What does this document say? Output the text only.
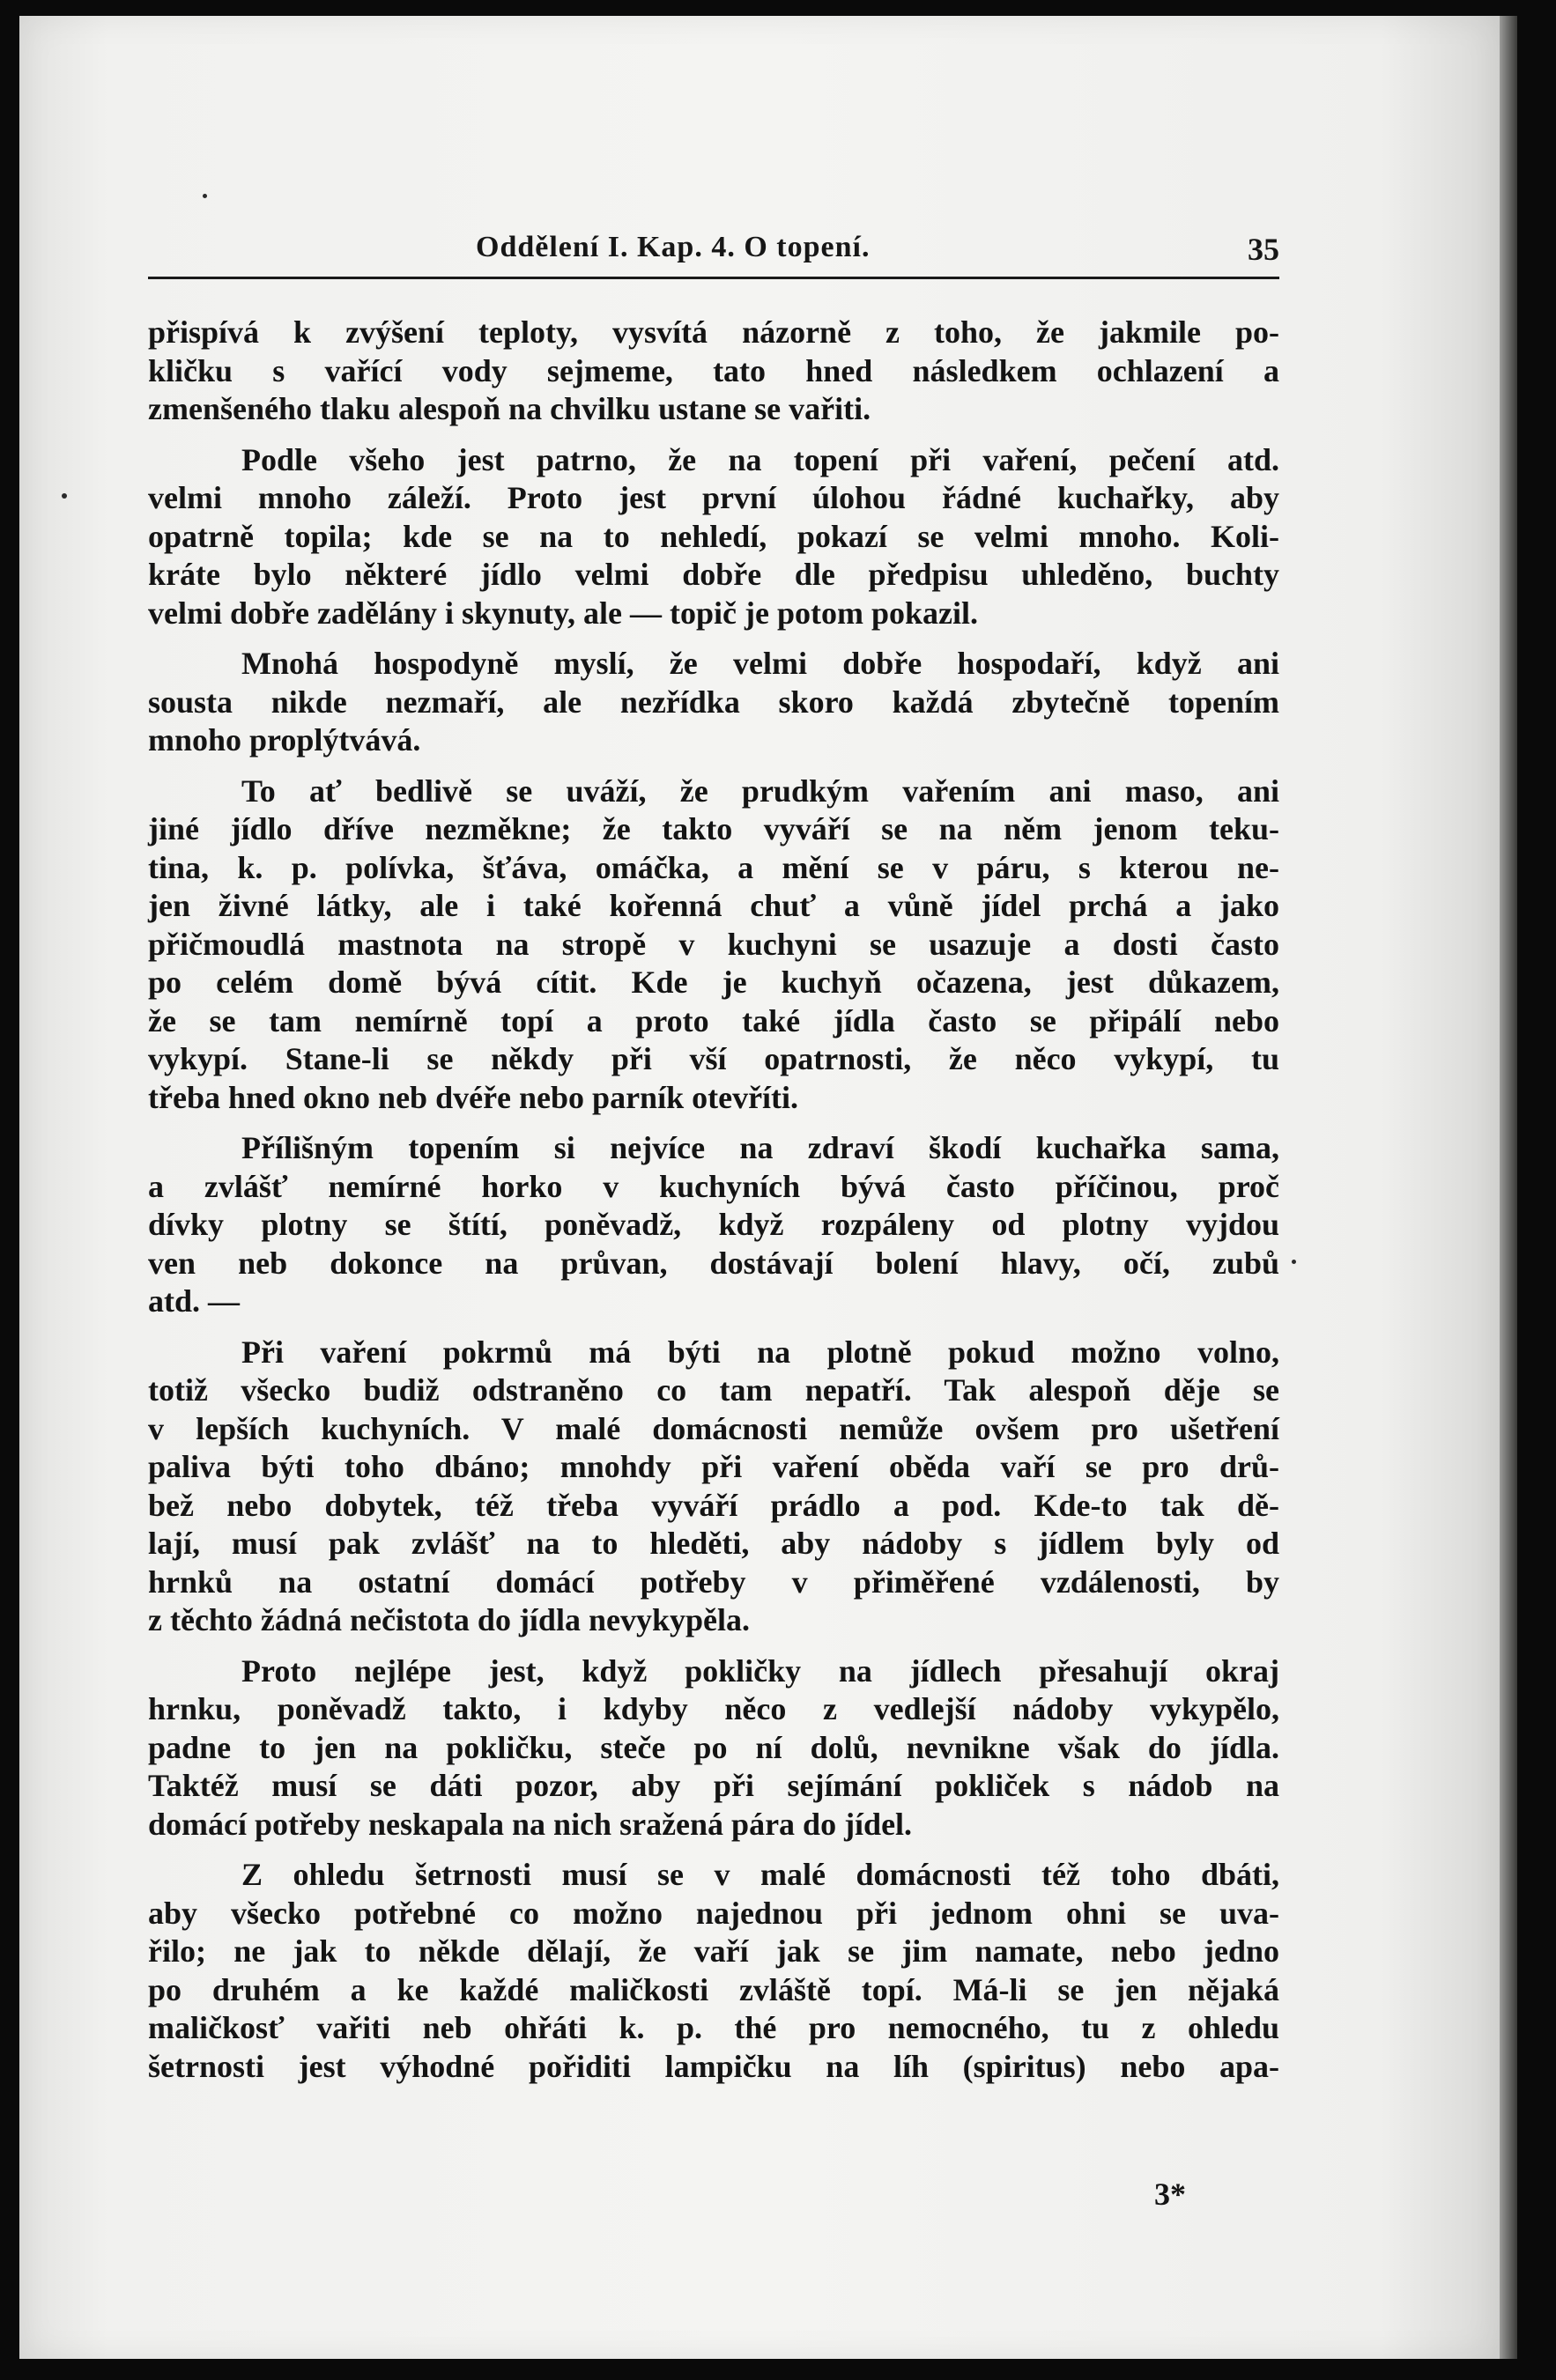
Oddělení I. Kap. 4. O topení.	35
přispívá k zvýšení teploty, vysvítá názorně z toho, že jakmile po-
kličku s vařící vody sejmeme, tato hned následkem ochlazení a
zmenšeného tlaku alespoň na chvilku ustane se vařiti.
Podle všeho jest patrno, že na topení při vaření, pečení atd.
velmi mnoho záleží. Proto jest první úlohou řádné kuchařky, aby
opatrně topila; kde se na to nehledí, pokazí se velmi mnoho. Koli-
kráte bylo některé jídlo velmi dobře dle předpisu uhleděno, buchty
velmi dobře zadělány i skynuty, ale — topič je potom pokazil.
Mnohá hospodyně myslí, že velmi dobře hospodaří, když ani
sousta nikde nezmaří, ale nezřídka skoro každá zbytečně topením
mnoho proplýtvává.
To ať bedlivě se uváží, že prudkým vařením ani maso, ani
jiné jídlo dříve nezměkne; že takto vyváří se na něm jenom teku-
tina, k. p. polívka, šťáva, omáčka, a mění se v páru, s kterou ne-
jen živné látky, ale i také kořenná chuť a vůně jídel prchá a jako
přičmoudlá mastnota na stropě v kuchyni se usazuje a dosti často
po celém domě bývá cítit. Kde je kuchyň očazena, jest důkazem,
že se tam nemírně topí a proto také jídla často se připálí nebo
vykypí. Stane-li se někdy při vší opatrnosti, že něco vykypí, tu
třeba hned okno neb dvéře nebo parník otevříti.
Přílišným topením si nejvíce na zdraví škodí kuchařka sama,
a zvlášť nemírné horko v kuchyních bývá často příčinou, proč
dívky plotny se štítí, poněvadž, když rozpáleny od plotny vyjdou
ven neb dokonce na průvan, dostávají bolení hlavy, očí, zubů
atd. —
Při vaření pokrmů má býti na plotně pokud možno volno,
totiž všecko budiž odstraněno co tam nepatří. Tak alespoň děje se
v lepších kuchyních. V malé domácnosti nemůže ovšem pro ušetření
paliva býti toho dbáno; mnohdy při vaření oběda vaří se pro drů-
bež nebo dobytek, též třeba vyváří prádlo a pod. Kde-to tak dě-
lají, musí pak zvlášť na to hleděti, aby nádoby s jídlem byly od
hrnků na ostatní domácí potřeby v přiměřené vzdálenosti, by
z těchto žádná nečistota do jídla nevykypěla.
Proto nejlépe jest, když pokličky na jídlech přesahují okraj
hrnku, poněvadž takto, i kdyby něco z vedlejší nádoby vykypělo,
padne to jen na pokličku, steče po ní dolů, nevnikne však do jídla.
Taktéž musí se dáti pozor, aby při sejímání pokliček s nádob na
domácí potřeby neskapala na nich sražená pára do jídel.
Z ohledu šetrnosti musí se v malé domácnosti též toho dbáti,
aby všecko potřebné co možno najednou při jednom ohni se uva-
řilo; ne jak to někde dělají, že vaří jak se jim namate, nebo jedno
po druhém a ke každé maličkosti zvláště topí. Má-li se jen nějaká
maličkosť vařiti neb ohřáti k. p. thé pro nemocného, tu z ohledu
šetrnosti jest výhodné pořiditi lampičku na líh (spiritus) nebo apa-
3*
